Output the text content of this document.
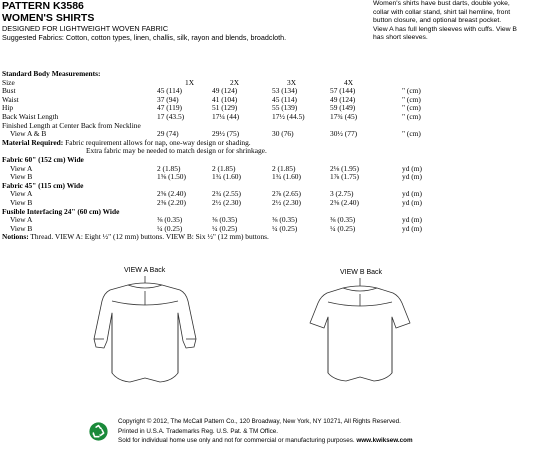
PATTERN K3586
WOMEN'S SHIRTS
DESIGNED FOR LIGHTWEIGHT WOVEN FABRIC
Suggested Fabrics: Cotton, cotton types, linen, challis, silk, rayon and blends, broadcloth.
Women's shirts have bust darts, double yoke,
collar with collar stand, shirt tail hemline, front
button closure, and optional breast pocket.
View A has full length sleeves with cuffs. View B
has short sleeves.
Standard Body Measurements:
Size	1X	2X	3X	4X
Bust	45 (114)	49 (124)	53 (134)	57 (144)	" (cm)
Waist	37 (94)	41 (104)	45 (114)	49 (124)	" (cm)
Hip	47 (119)	51 (129)	55 (139)	59 (149)	" (cm)
Back Waist Length	17 (43.5)	17¼ (44)	17½ (44.5)	17¾ (45)	" (cm)
Finished Length at Center Back from Neckline
View A & B	29 (74)	29½ (75)	30 (76)	30½ (77)	" (cm)
Material Required: Fabric requirement allows for nap, one-way design or shading.
Extra fabric may be needed to match design or for shrinkage.
Fabric 60" (152 cm) Wide
View A	2 (1.85)	2 (1.85)	2 (1.85)	2⅛ (1.95)	yd (m)
View B	1⅝ (1.50)	1¾ (1.60)	1¾ (1.60)	1⅞ (1.75)	yd (m)
Fabric 45" (115 cm) Wide
View A	2⅝ (2.40)	2¾ (2.55)	2⅞ (2.65)	3 (2.75)	yd (m)
View B	2⅜ (2.20)	2½ (2.30)	2½ (2.30)	2⅝ (2.40)	yd (m)
Fusible Interfacing 24" (60 cm) Wide
View A	⅜ (0.35)	⅜ (0.35)	⅜ (0.35)	⅜ (0.35)	yd (m)
View B	¼ (0.25)	¼ (0.25)	¼ (0.25)	¼ (0.25)	yd (m)
Notions: Thread. VIEW A: Eight ½" (12 mm) buttons. VIEW B: Six ½" (12 mm) buttons.
VIEW A Back	VIEW B Back
Copyright © 2012, The McCall Pattern Co., 120 Broadway, New York, NY 10271, All Rights Reserved.
Printed in U.S.A. Trademarks Reg. U.S. Pat. & TM Office.
Sold for individual home use only and not for commercial or manufacturing purposes. www.kwiksew.com
